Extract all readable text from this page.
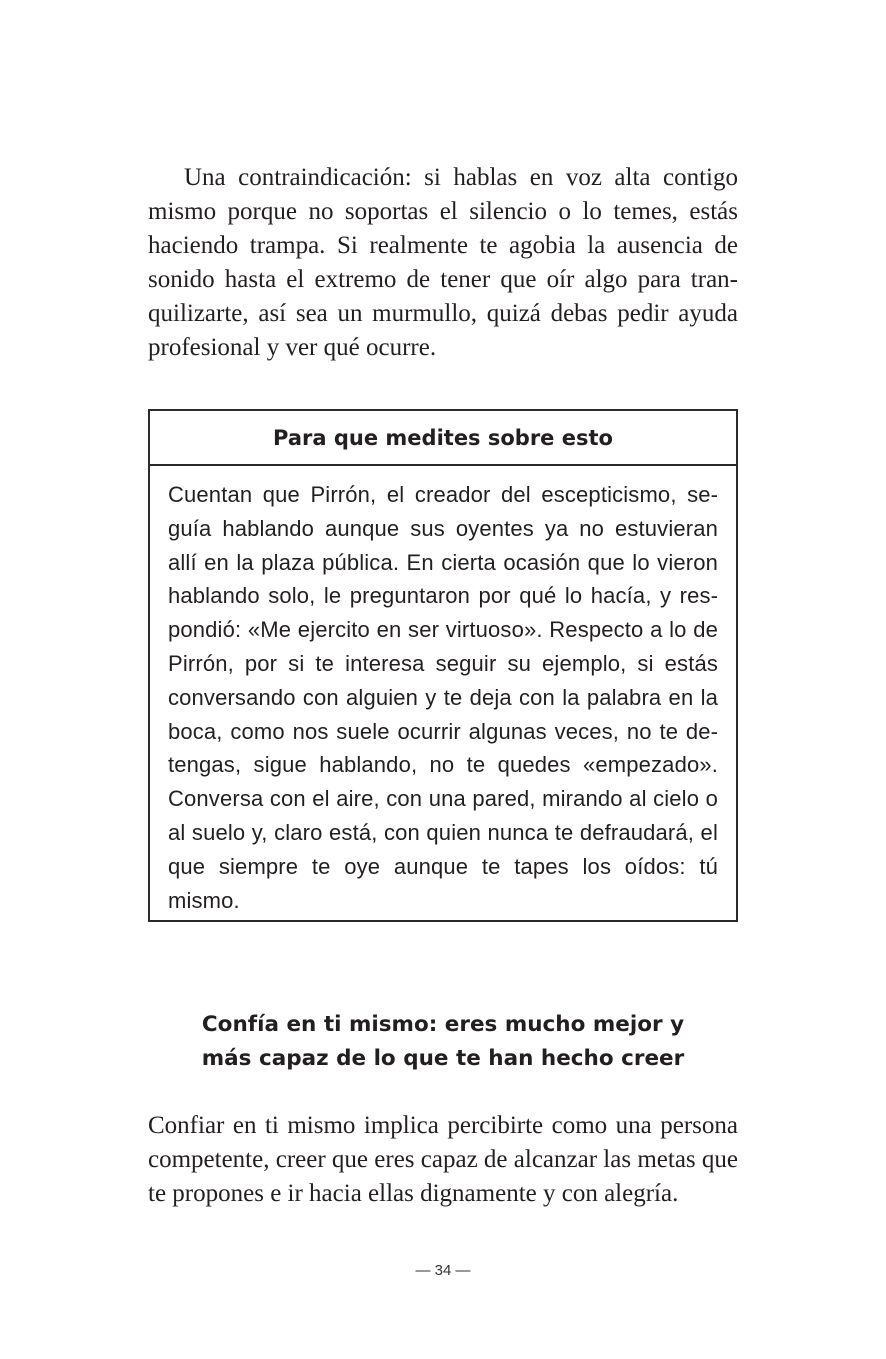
Una contraindicación: si hablas en voz alta contigo mismo porque no soportas el silencio o lo temes, estás haciendo trampa. Si realmente te agobia la ausencia de sonido hasta el extremo de tener que oír algo para tranquilizarte, así sea un murmullo, quizá debas pedir ayuda profesional y ver qué ocurre.

Para que medites sobre esto

Cuentan que Pirrón, el creador del escepticismo, seguía hablando aunque sus oyentes ya no estuvieran allí en la plaza pública. En cierta ocasión que lo vieron hablando solo, le preguntaron por qué lo hacía, y respondió: «Me ejercito en ser virtuoso». Respecto a lo de Pirrón, por si te interesa seguir su ejemplo, si estás conversando con alguien y te deja con la palabra en la boca, como nos suele ocurrir algunas veces, no te detengas, sigue hablando, no te quedes «empezado». Conversa con el aire, con una pared, mirando al cielo o al suelo y, claro está, con quien nunca te defraudará, el que siempre te oye aunque te tapes los oídos: tú mismo.

Confía en ti mismo: eres mucho mejor y
más capaz de lo que te han hecho creer

Confiar en ti mismo implica percibirte como una persona competente, creer que eres capaz de alcanzar las metas que te propones e ir hacia ellas dignamente y con alegría.

— 34 —
